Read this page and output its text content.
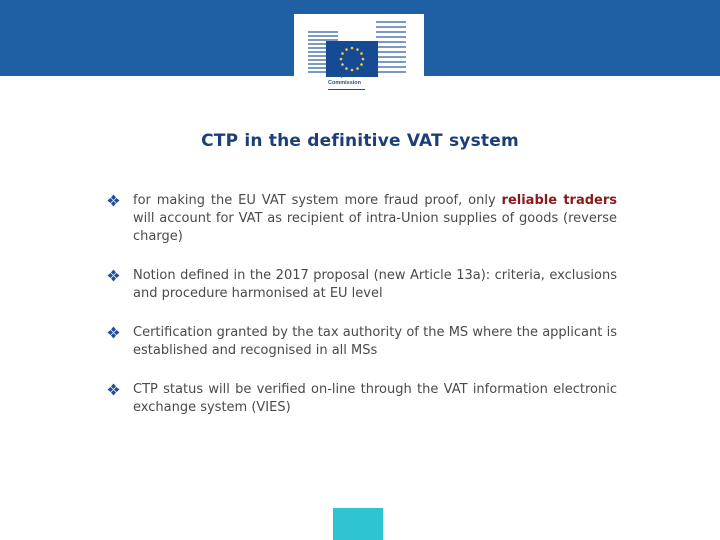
European
Commission
CTP in the definitive VAT system
for making the EU VAT system more fraud proof, only reliable traders will account for VAT as recipient of intra-Union supplies of goods (reverse charge)
Notion defined in the 2017 proposal (new Article 13a): criteria, exclusions and procedure harmonised at EU level
Certification granted by the tax authority of the MS where the applicant is established and recognised in all MSs
CTP status will be verified on-line through the VAT information electronic exchange system (VIES)
